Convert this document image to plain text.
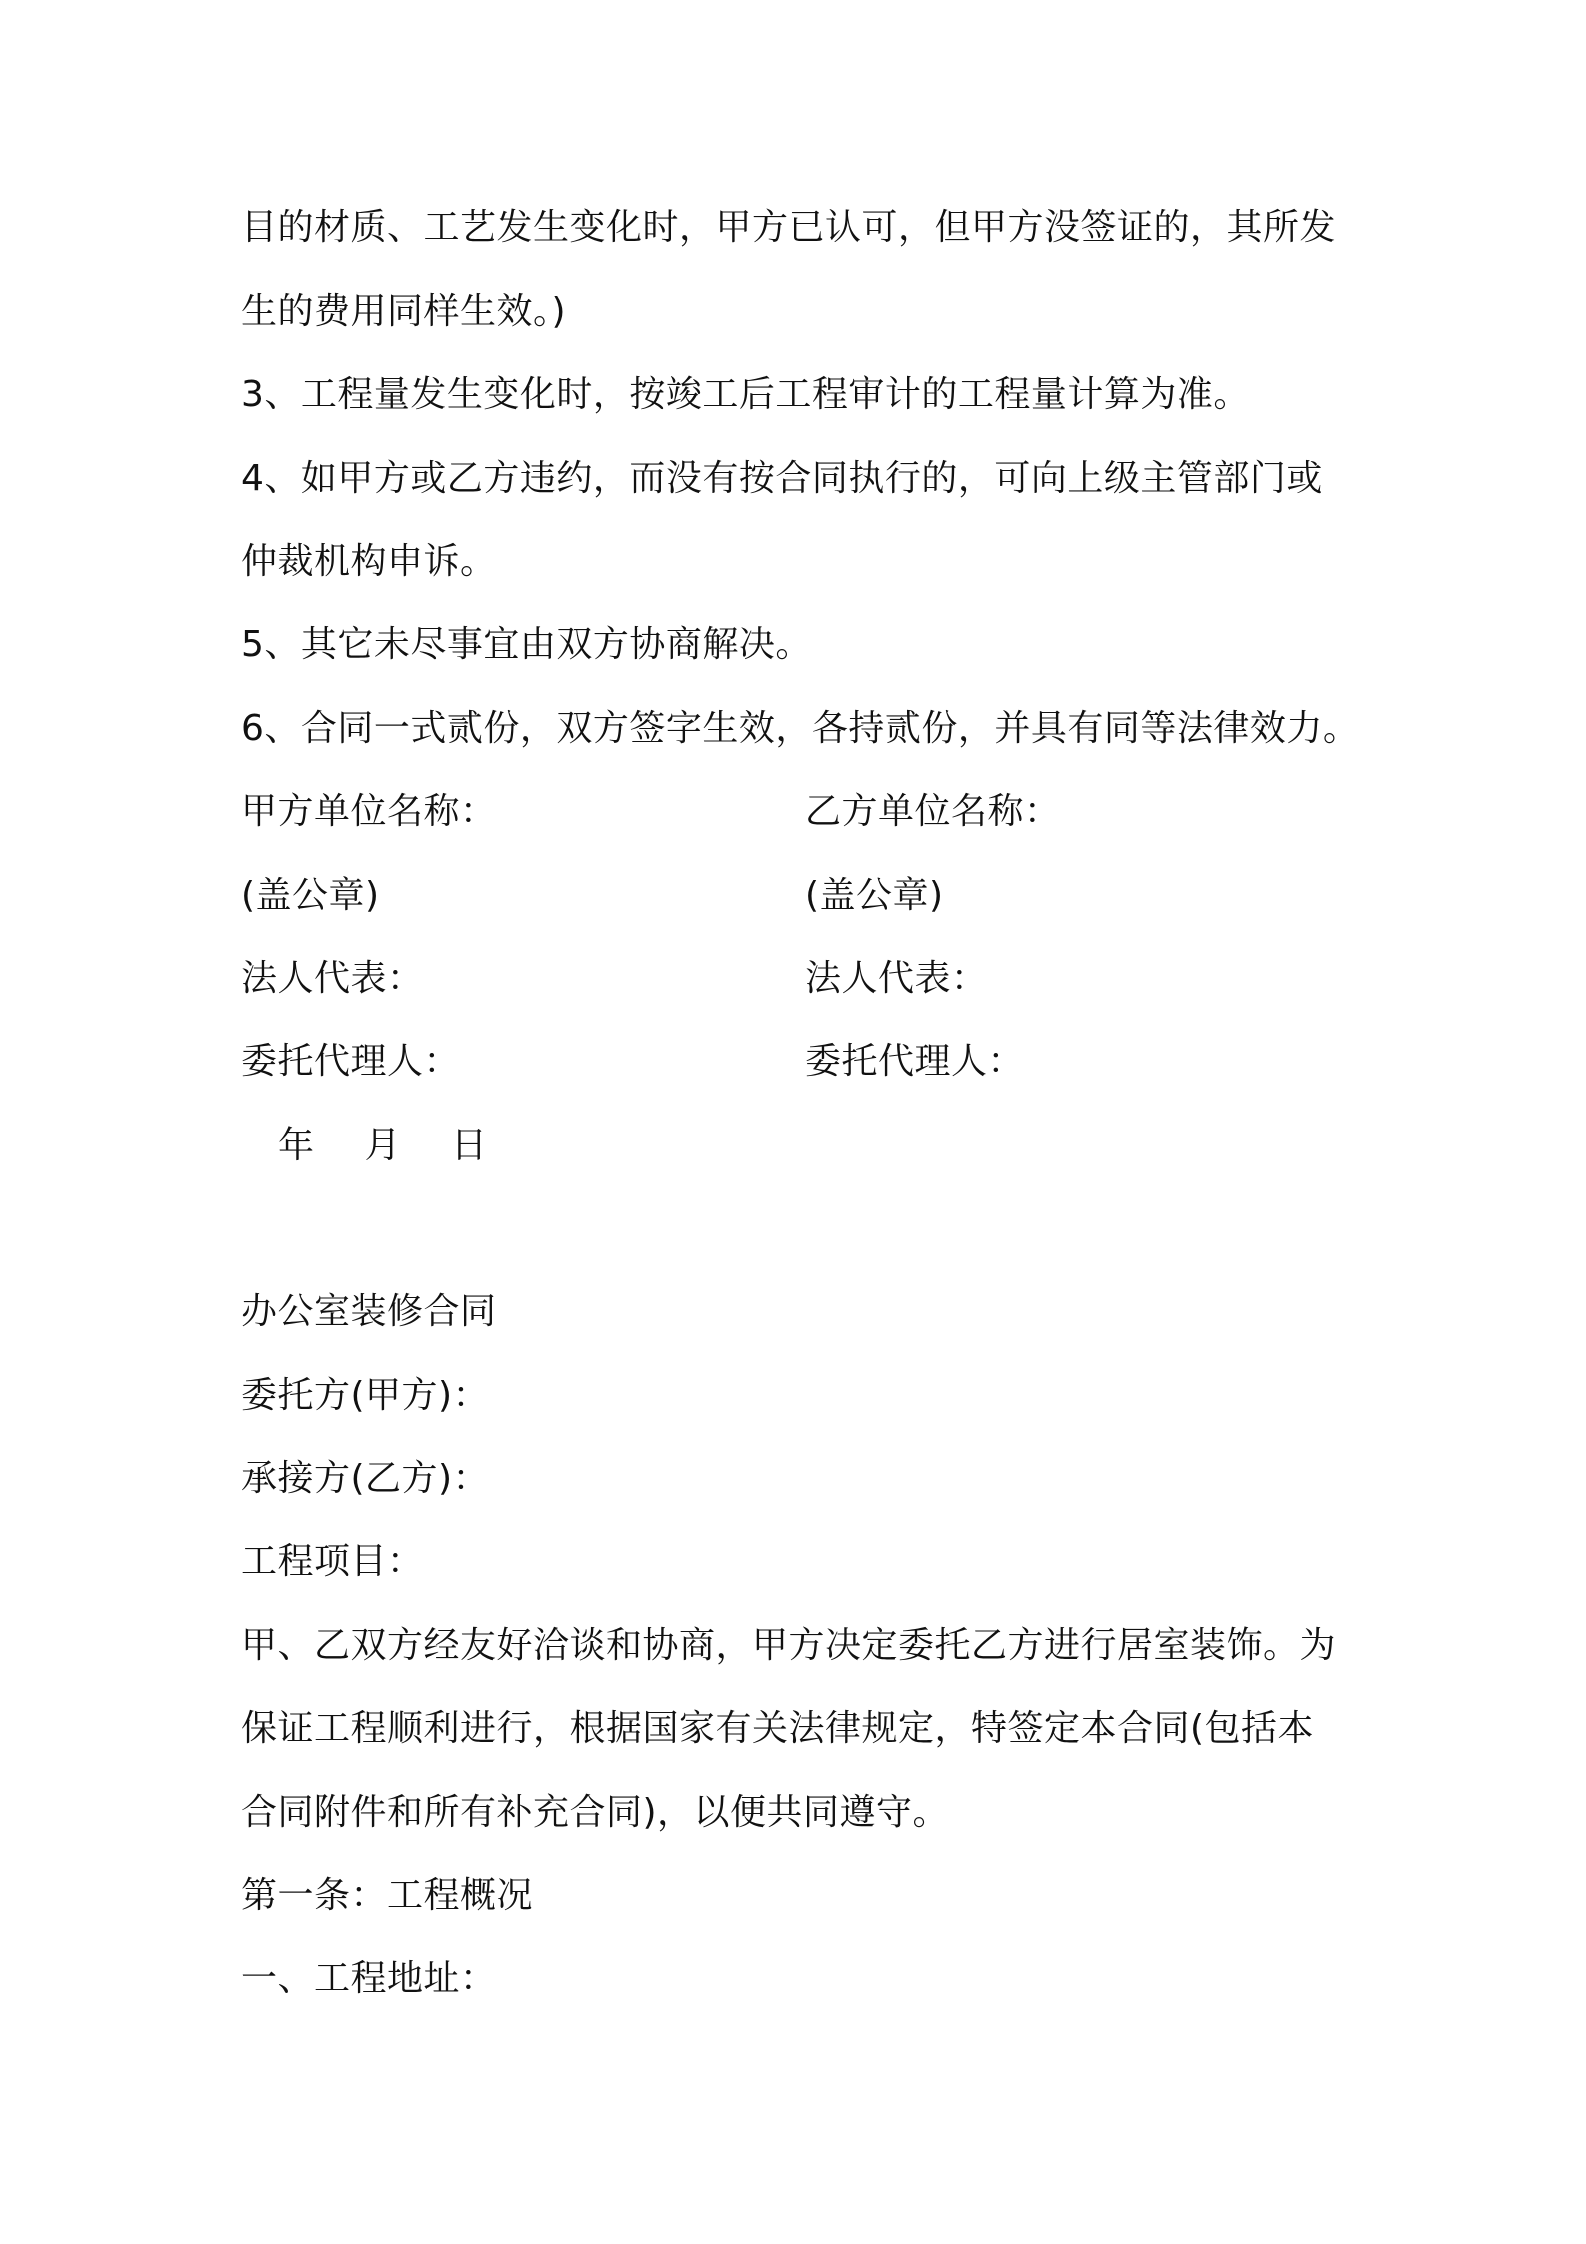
目的材质、工艺发生变化时，甲方已认可，但甲方没签证的，其所发
生的费用同样生效。)
3、工程量发生变化时，按竣工后工程审计的工程量计算为准。
4、如甲方或乙方违约，而没有按合同执行的，可向上级主管部门或
仲裁机构申诉。
5、其它未尽事宜由双方协商解决。
6、合同一式贰份，双方签字生效，各持贰份，并具有同等法律效力。
甲方单位名称：	乙方单位名称：
(盖公章)	(盖公章)
法人代表：	法人代表：
委托代理人：	委托代理人：
年 月 日
办公室装修合同
委托方(甲方)：
承接方(乙方)：
工程项目：
甲、乙双方经友好洽谈和协商，甲方决定委托乙方进行居室装饰。为
保证工程顺利进行，根据国家有关法律规定，特签定本合同(包括本
合同附件和所有补充合同)，以便共同遵守。
第一条：工程概况
一、工程地址：
